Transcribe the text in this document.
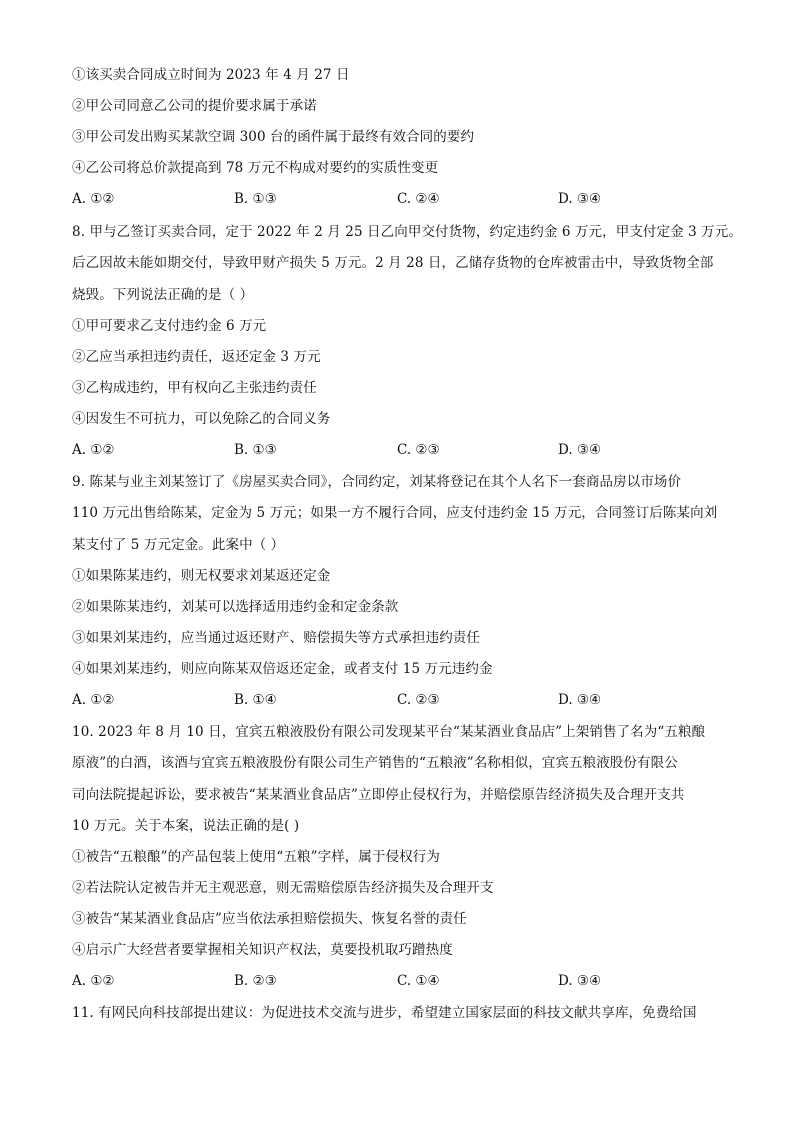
①该买卖合同成立时间为 2023 年 4 月 27 日
②甲公司同意乙公司的提价要求属于承诺
③甲公司发出购买某款空调 300 台的函件属于最终有效合同的要约
④乙公司将总价款提高到 78 万元不构成对要约的实质性变更
A. ①②	B. ①③	C. ②④	D. ③④
8. 甲与乙签订买卖合同，定于 2022 年 2 月 25 日乙向甲交付货物，约定违约金 6 万元，甲支付定金 3 万元。
后乙因故未能如期交付，导致甲财产损失 5 万元。2 月 28 日，乙储存货物的仓库被雷击中，导致货物全部
烧毁。下列说法正确的是（ ）
①甲可要求乙支付违约金 6 万元
②乙应当承担违约责任，返还定金 3 万元
③乙构成违约，甲有权向乙主张违约责任
④因发生不可抗力，可以免除乙的合同义务
A. ①②	B. ①③	C. ②③	D. ③④
9. 陈某与业主刘某签订了《房屋买卖合同》，合同约定，刘某将登记在其个人名下一套商品房以市场价
110 万元出售给陈某，定金为 5 万元；如果一方不履行合同，应支付违约金 15 万元，合同签订后陈某向刘
某支付了 5 万元定金。此案中（ ）
①如果陈某违约，则无权要求刘某返还定金
②如果陈某违约，刘某可以选择适用违约金和定金条款
③如果刘某违约，应当通过返还财产、赔偿损失等方式承担违约责任
④如果刘某违约，则应向陈某双倍返还定金，或者支付 15 万元违约金
A. ①②	B. ①④	C. ②③	D. ③④
10. 2023 年 8 月 10 日，宜宾五粮液股份有限公司发现某平台“某某酒业食品店”上架销售了名为“五粮酿
原液”的白酒，该酒与宜宾五粮液股份有限公司生产销售的“五粮液”名称相似，宜宾五粮液股份有限公
司向法院提起诉讼，要求被告“某某酒业食品店”立即停止侵权行为，并赔偿原告经济损失及合理开支共
10 万元。关于本案，说法正确的是( )
①被告“五粮酿”的产品包装上使用“五粮”字样，属于侵权行为
②若法院认定被告并无主观恶意，则无需赔偿原告经济损失及合理开支
③被告“某某酒业食品店”应当依法承担赔偿损失、恢复名誉的责任
④启示广大经营者要掌握相关知识产权法，莫要投机取巧蹭热度
A. ①②	B. ②③	C. ①④	D. ③④
11. 有网民向科技部提出建议：为促进技术交流与进步，希望建立国家层面的科技文献共享库，免费给国
